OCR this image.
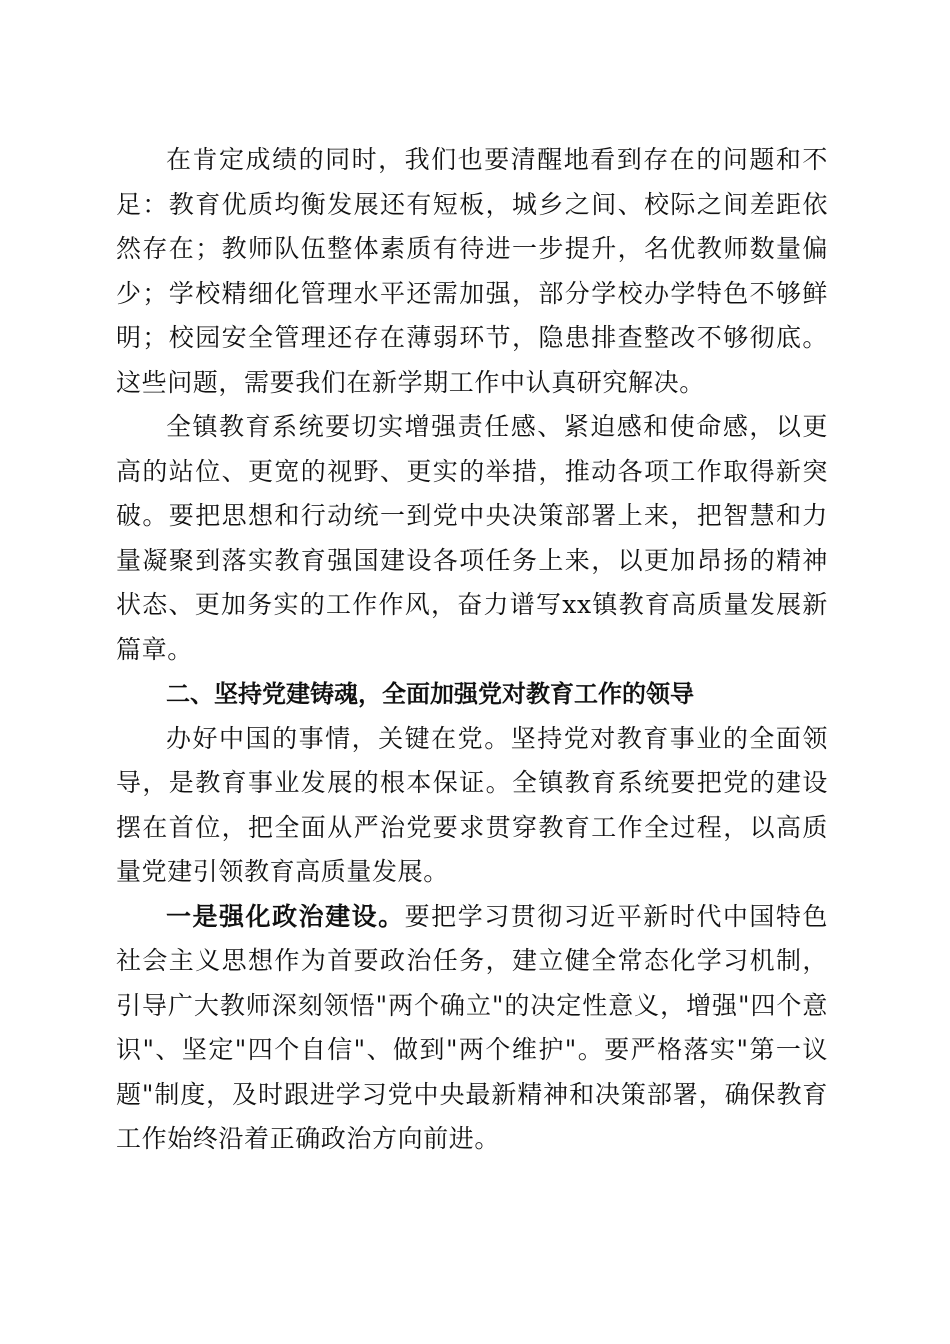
在肯定成绩的同时，我们也要清醒地看到存在的问题和不足：教育优质均衡发展还有短板，城乡之间、校际之间差距依然存在；教师队伍整体素质有待进一步提升，名优教师数量偏少；学校精细化管理水平还需加强，部分学校办学特色不够鲜明；校园安全管理还存在薄弱环节，隐患排查整改不够彻底。这些问题，需要我们在新学期工作中认真研究解决。

全镇教育系统要切实增强责任感、紧迫感和使命感，以更高的站位、更宽的视野、更实的举措，推动各项工作取得新突破。要把思想和行动统一到党中央决策部署上来，把智慧和力量凝聚到落实教育强国建设各项任务上来，以更加昂扬的精神状态、更加务实的工作作风，奋力谱写xx镇教育高质量发展新篇章。

二、坚持党建铸魂，全面加强党对教育工作的领导

办好中国的事情，关键在党。坚持党对教育事业的全面领导，是教育事业发展的根本保证。全镇教育系统要把党的建设摆在首位，把全面从严治党要求贯穿教育工作全过程，以高质量党建引领教育高质量发展。

一是强化政治建设。要把学习贯彻习近平新时代中国特色社会主义思想作为首要政治任务，建立健全常态化学习机制，引导广大教师深刻领悟"两个确立"的决定性意义，增强"四个意识"、坚定"四个自信"、做到"两个维护"。要严格落实"第一议题"制度，及时跟进学习党中央最新精神和决策部署，确保教育工作始终沿着正确政治方向前进。
